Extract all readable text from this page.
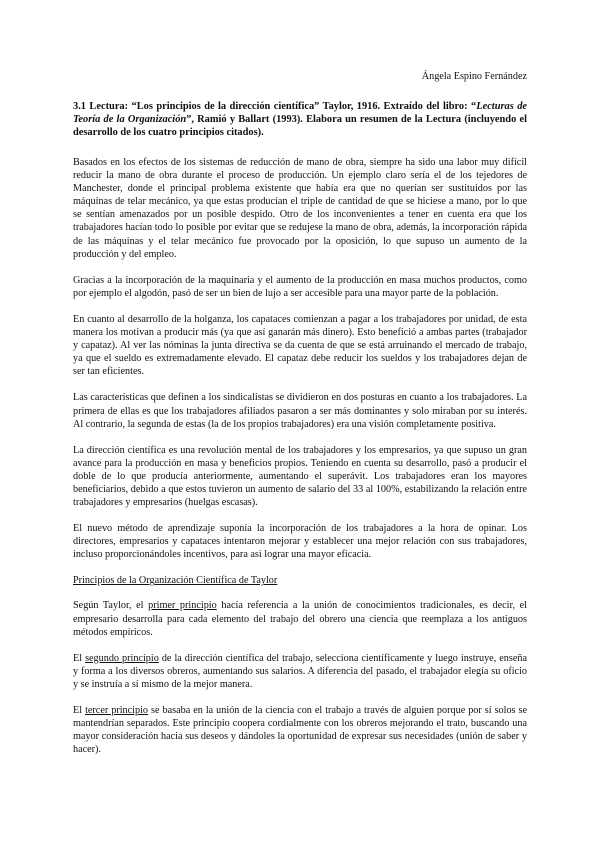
Ángela Espino Fernández
3.1 Lectura: “Los principios de la dirección científica” Taylor, 1916. Extraído del libro: “Lecturas de Teoría de la Organización”, Ramió y Ballart (1993). Elabora un resumen de la Lectura (incluyendo el desarrollo de los cuatro principios citados).

Basados en los efectos de los sistemas de reducción de mano de obra, siempre ha sido una labor muy difícil reducir la mano de obra durante el proceso de producción. Un ejemplo claro sería el de los tejedores de Manchester, donde el principal problema existente que había era que no querían ser sustituidos por las máquinas de telar mecánico, ya que estas producían el triple de cantidad de que se hiciese a mano, por lo que se sentían amenazados por un posible despido. Otro de los inconvenientes a tener en cuenta era que los trabajadores hacían todo lo posible por evitar que se redujese la mano de obra, además, la incorporación rápida de las máquinas y el telar mecánico fue provocado por la oposición, lo que supuso un aumento de la producción y del empleo.

Gracias a la incorporación de la maquinaria y el aumento de la producción en masa muchos productos, como por ejemplo el algodón, pasó de ser un bien de lujo a ser accesible para una mayor parte de la población.

En cuanto al desarrollo de la holganza, los capataces comienzan a pagar a los trabajadores por unidad, de esta manera los motivan a producir más (ya que así ganarán más dinero). Esto benefició a ambas partes (trabajador y capataz). Al ver las nóminas la junta directiva se da cuenta de que se está arruinando el mercado de trabajo, ya que el sueldo es extremadamente elevado. El capataz debe reducir los sueldos y los trabajadores dejan de ser tan eficientes.

Las características que definen a los sindicalistas se dividieron en dos posturas en cuanto a los trabajadores. La primera de ellas es que los trabajadores afiliados pasaron a ser más dominantes y solo miraban por su interés. Al contrario, la segunda de estas (la de los propios trabajadores) era una visión completamente positiva.

La dirección científica es una revolución mental de los trabajadores y los empresarios, ya que supuso un gran avance para la producción en masa y beneficios propios. Teniendo en cuenta su desarrollo, pasó a producir el doble de lo que producía anteriormente, aumentando el superávit. Los trabajadores eran los mayores beneficiarios, debido a que estos tuvieron un aumento de salario del 33 al 100%, estabilizando la relación entre trabajadores y empresarios (huelgas escasas).

El nuevo método de aprendizaje suponía la incorporación de los trabajadores a la hora de opinar. Los directores, empresarios y capataces intentaron mejorar y establecer una mejor relación con sus trabajadores, incluso proporcionándoles incentivos, para así lograr una mayor eficacia.

Principios de la Organización Científica de Taylor

Según Taylor, el primer principio hacía referencia a la unión de conocimientos tradicionales, es decir, el empresario desarrolla para cada elemento del trabajo del obrero una ciencia que reemplaza a los antiguos métodos empíricos.

El segundo principio de la dirección científica del trabajo, selecciona científicamente y luego instruye, enseña y forma a los diversos obreros, aumentando sus salarios. A diferencia del pasado, el trabajador elegía su oficio y se instruía a sí mismo de la mejor manera.

El tercer principio se basaba en la unión de la ciencia con el trabajo a través de alguien porque por sí solos se mantendrían separados. Este principio coopera cordialmente con los obreros mejorando el trato, buscando una mayor consideración hacia sus deseos y dándoles la oportunidad de expresar sus necesidades (unión de saber y hacer).
